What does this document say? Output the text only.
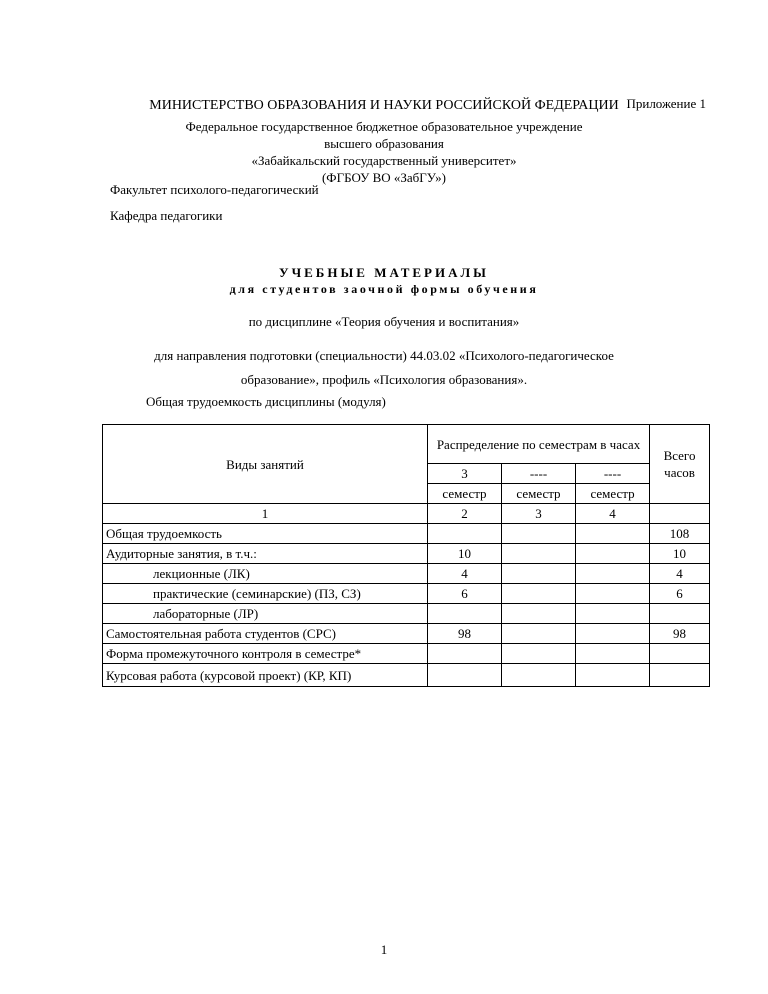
Приложение 1
МИНИСТЕРСТВО ОБРАЗОВАНИЯ И НАУКИ РОССИЙСКОЙ ФЕДЕРАЦИИ
Федеральное государственное бюджетное образовательное учреждение
высшего образования
«Забайкальский государственный университет»
(ФГБОУ ВО «ЗабГУ»)
Факультет психолого-педагогический
Кафедра педагогики
УЧЕБНЫЕ МАТЕРИАЛЫ
для студентов заочной формы обучения
по дисциплине «Теория обучения и воспитания»
для направления подготовки (специальности) 44.03.02 «Психолого-педагогическое
образование», профиль «Психология образования».
Общая трудоемкость дисциплины (модуля)
Виды занятий	Распределение по семестрам в часах			Всего часов
	3	----	----	
	семестр	семестр	семестр	
1	2	3	4	
Общая трудоемкость				108
Аудиторные занятия, в т.ч.:	10			10
лекционные (ЛК)	4			4
практические (семинарские) (ПЗ, СЗ)	6			6
лабораторные (ЛР)				
Самостоятельная работа студентов (СРС)	98			98
Форма промежуточного контроля в семестре*				
Курсовая работа (курсовой проект) (КР, КП)				
1
